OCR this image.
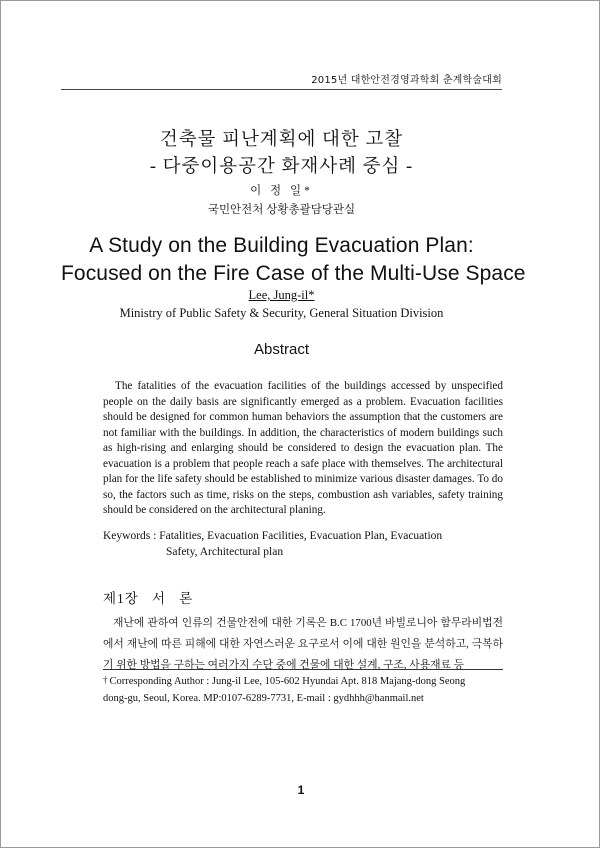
2015년 대한안전경영과학회 춘계학술대회
건축물 피난계획에 대한 고찰
- 다중이용공간 화재사례 중심 -
이 정 일*
국민안전처 상황총괄담당관실
A Study on the Building Evacuation Plan:
Focused on the Fire Case of the Multi-Use Space
Lee, Jung-il*
Ministry of Public Safety & Security, General Situation Division
Abstract

The fatalities of the evacuation facilities of the buildings accessed by unspecified people on the daily basis are significantly emerged as a problem. Evacuation facilities should be designed for common human behaviors the assumption that the customers are not familiar with the buildings. In addition, the characteristics of modern buildings such as high-rising and enlarging should be considered to design the evacuation plan. The evacuation is a problem that people reach a safe place with themselves. The architectural plan for the life safety should be established to minimize various disaster damages. To do so, the factors such as time, risks on the steps, combustion ash variables, safety training should be considered on the architectural planing.

Keywords : Fatalities, Evacuation Facilities, Evacuation Plan, Evacuation
Safety, Architectural plan
제1장   서   론

재난에 관하여 인류의 건물안전에 대한 기록은 B.C 1700년 바빌로니아 함무라비법전에서 재난에 따른 피해에 대한 자연스러운 요구로서 이에 대한 원인을 분석하고, 극복하기 위한 방법을 구하는 여러가지 수단 중에 건물에 대한 설계, 구조, 사용재료 등

† Corresponding Author : Jung-il Lee, 105-602 Hyundai Apt. 818 Majang-dong Seong
dong-gu, Seoul, Korea. MP:0107-6289-7731, E-mail : gydhhh@hanmail.net
1
